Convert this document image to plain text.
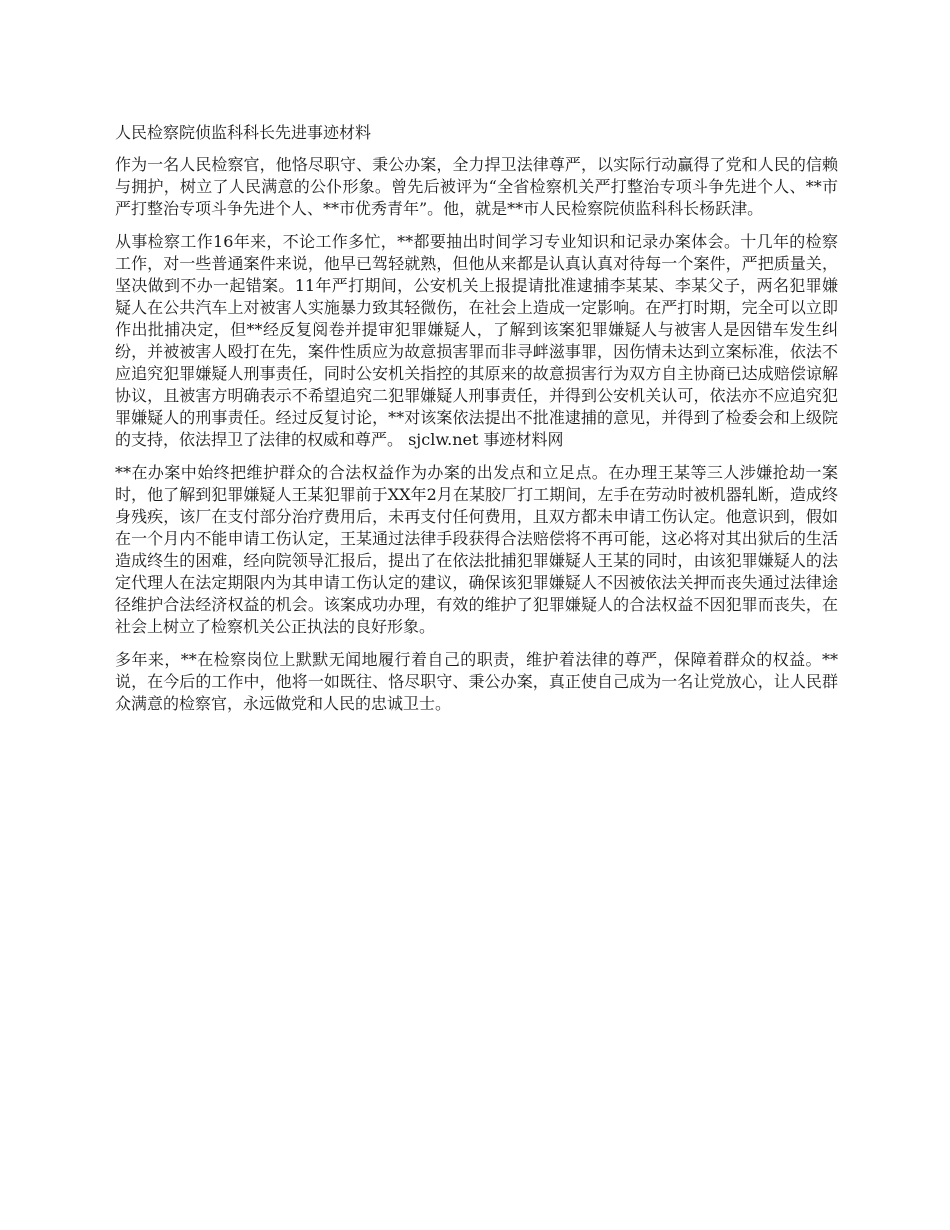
人民检察院侦监科科长先进事迹材料

作为一名人民检察官，他恪尽职守、秉公办案，全力捍卫法律尊严，以实际行动赢得了党和人民的信赖与拥护，树立了人民满意的公仆形象。曾先后被评为“全省检察机关严打整治专项斗争先进个人、**市严打整治专项斗争先进个人、**市优秀青年”。他，就是**市人民检察院侦监科科长杨跃津。

从事检察工作16年来，不论工作多忙，**都要抽出时间学习专业知识和记录办案体会。十几年的检察工作，对一些普通案件来说，他早已驾轻就熟，但他从来都是认真认真对待每一个案件，严把质量关，坚决做到不办一起错案。11年严打期间，公安机关上报提请批准逮捕李某某、李某父子，两名犯罪嫌疑人在公共汽车上对被害人实施暴力致其轻微伤，在社会上造成一定影响。在严打时期，完全可以立即作出批捕决定，但**经反复阅卷并提审犯罪嫌疑人，了解到该案犯罪嫌疑人与被害人是因错车发生纠纷，并被被害人殴打在先，案件性质应为故意损害罪而非寻衅滋事罪，因伤情未达到立案标准，依法不应追究犯罪嫌疑人刑事责任，同时公安机关指控的其原来的故意损害行为双方自主协商已达成赔偿谅解协议，且被害方明确表示不希望追究二犯罪嫌疑人刑事责任，并得到公安机关认可，依法亦不应追究犯罪嫌疑人的刑事责任。经过反复讨论，**对该案依法提出不批准逮捕的意见，并得到了检委会和上级院的支持，依法捍卫了法律的权威和尊严。 sjclw.net 事迹材料网

**在办案中始终把维护群众的合法权益作为办案的出发点和立足点。在办理王某等三人涉嫌抢劫一案时，他了解到犯罪嫌疑人王某犯罪前于XX年2月在某胶厂打工期间，左手在劳动时被机器轧断，造成终身残疾，该厂在支付部分治疗费用后，未再支付任何费用，且双方都未申请工伤认定。他意识到，假如在一个月内不能申请工伤认定，王某通过法律手段获得合法赔偿将不再可能，这必将对其出狱后的生活造成终生的困难，经向院领导汇报后，提出了在依法批捕犯罪嫌疑人王某的同时，由该犯罪嫌疑人的法定代理人在法定期限内为其申请工伤认定的建议，确保该犯罪嫌疑人不因被依法关押而丧失通过法律途径维护合法经济权益的机会。该案成功办理，有效的维护了犯罪嫌疑人的合法权益不因犯罪而丧失，在社会上树立了检察机关公正执法的良好形象。

多年来，**在检察岗位上默默无闻地履行着自己的职责，维护着法律的尊严，保障着群众的权益。**说，在今后的工作中，他将一如既往、恪尽职守、秉公办案，真正使自己成为一名让党放心，让人民群众满意的检察官，永远做党和人民的忠诚卫士。
